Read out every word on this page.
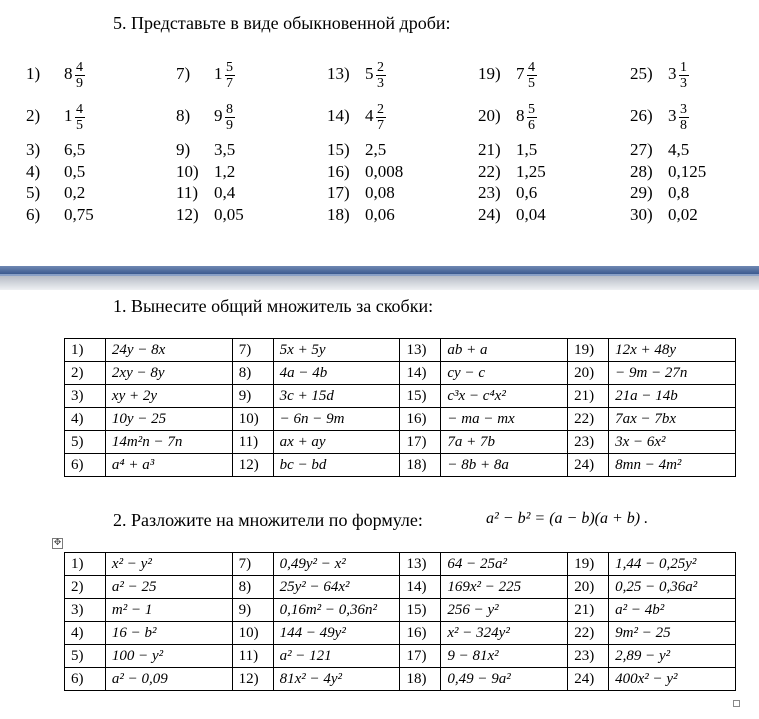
5. Представьте в виде обыкновенной дроби:
1) $8 \frac{4}{9}$	7) $1 \frac{5}{7}$	13) $5 \frac{2}{3}$	19) $7 \frac{4}{5}$	25) $3 \frac{1}{3}$
2) $1 \frac{4}{5}$	8) $9 \frac{8}{9}$	14) $4 \frac{2}{7}$	20) $8 \frac{5}{6}$	26) $3 \frac{3}{8}$
3) 6,5	9) 3,5	15) 2,5	21) 1,5	27) 4,5
4) 0,5	10) 1,2	16) 0,008	22) 1,25	28) 0,125
5) 0,2	11) 0,4	17) 0,08	23) 0,6	29) 0,8
6) 0,75	12) 0,05	18) 0,06	24) 0,04	30) 0,02
1. Вынесите общий множитель за скобки:
1)	24y − 8x	7)	5x + 5y	13)	ab + a	19)	12x + 48y
2)	2xy − 8y	8)	4a − 4b	14)	cy − c	20)	− 9m − 27n
3)	xy + 2y	9)	3c + 15d	15)	c³x − c⁴x²	21)	21a − 14b
4)	10y − 25	10)	− 6n − 9m	16)	− ma − mx	22)	7ax − 7bx
5)	14m²n − 7n	11)	ax + ay	17)	7a + 7b	23)	3x − 6x²
6)	a⁴ + a³	12)	bc − bd	18)	− 8b + 8a	24)	8mn − 4m²
2. Разложите на множители по формуле:	a² − b² = (a − b)(a + b) .
✥
1)	x² − y²	7)	0,49y² − x²	13)	64 − 25a²	19)	1,44 − 0,25y²
2)	a² − 25	8)	25y² − 64x²	14)	169x² − 225	20)	0,25 − 0,36a²
3)	m² − 1	9)	0,16m² − 0,36n²	15)	256 − y²	21)	a² − 4b²
4)	16 − b²	10)	144 − 49y²	16)	x² − 324y²	22)	9m² − 25
5)	100 − y²	11)	a² − 121	17)	9 − 81x²	23)	2,89 − y²
6)	a² − 0,09	12)	81x² − 4y²	18)	0,49 − 9a²	24)	400x² − y²
